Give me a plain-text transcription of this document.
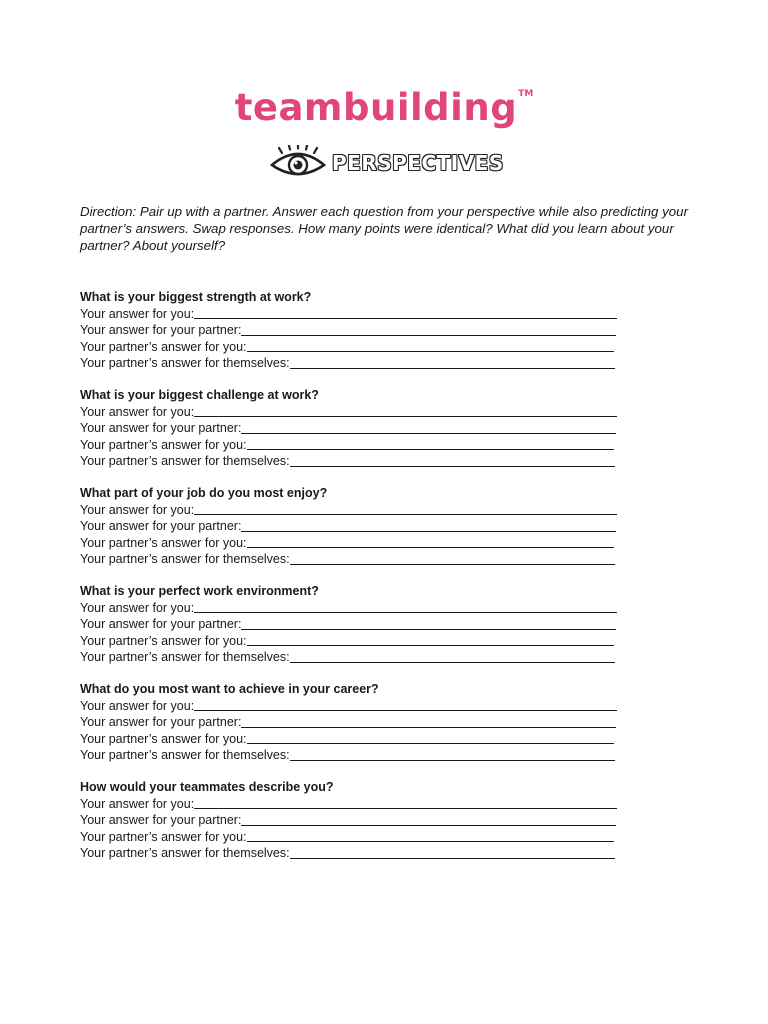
teambuilding™
PERSPECTIVES
Direction: Pair up with a partner. Answer each question from your perspective while also predicting your partner’s answers. Swap responses. How many points were identical? What did you learn about your partner? About yourself?
What is your biggest strength at work?
Your answer for you:
Your answer for your partner:
Your partner’s answer for you:
Your partner’s answer for themselves:
What is your biggest challenge at work?
Your answer for you:
Your answer for your partner:
Your partner’s answer for you:
Your partner’s answer for themselves:
What part of your job do you most enjoy?
Your answer for you:
Your answer for your partner:
Your partner’s answer for you:
Your partner’s answer for themselves:
What is your perfect work environment?
Your answer for you:
Your answer for your partner:
Your partner’s answer for you:
Your partner’s answer for themselves:
What do you most want to achieve in your career?
Your answer for you:
Your answer for your partner:
Your partner’s answer for you:
Your partner’s answer for themselves:
How would your teammates describe you?
Your answer for you:
Your answer for your partner:
Your partner’s answer for you:
Your partner’s answer for themselves:
